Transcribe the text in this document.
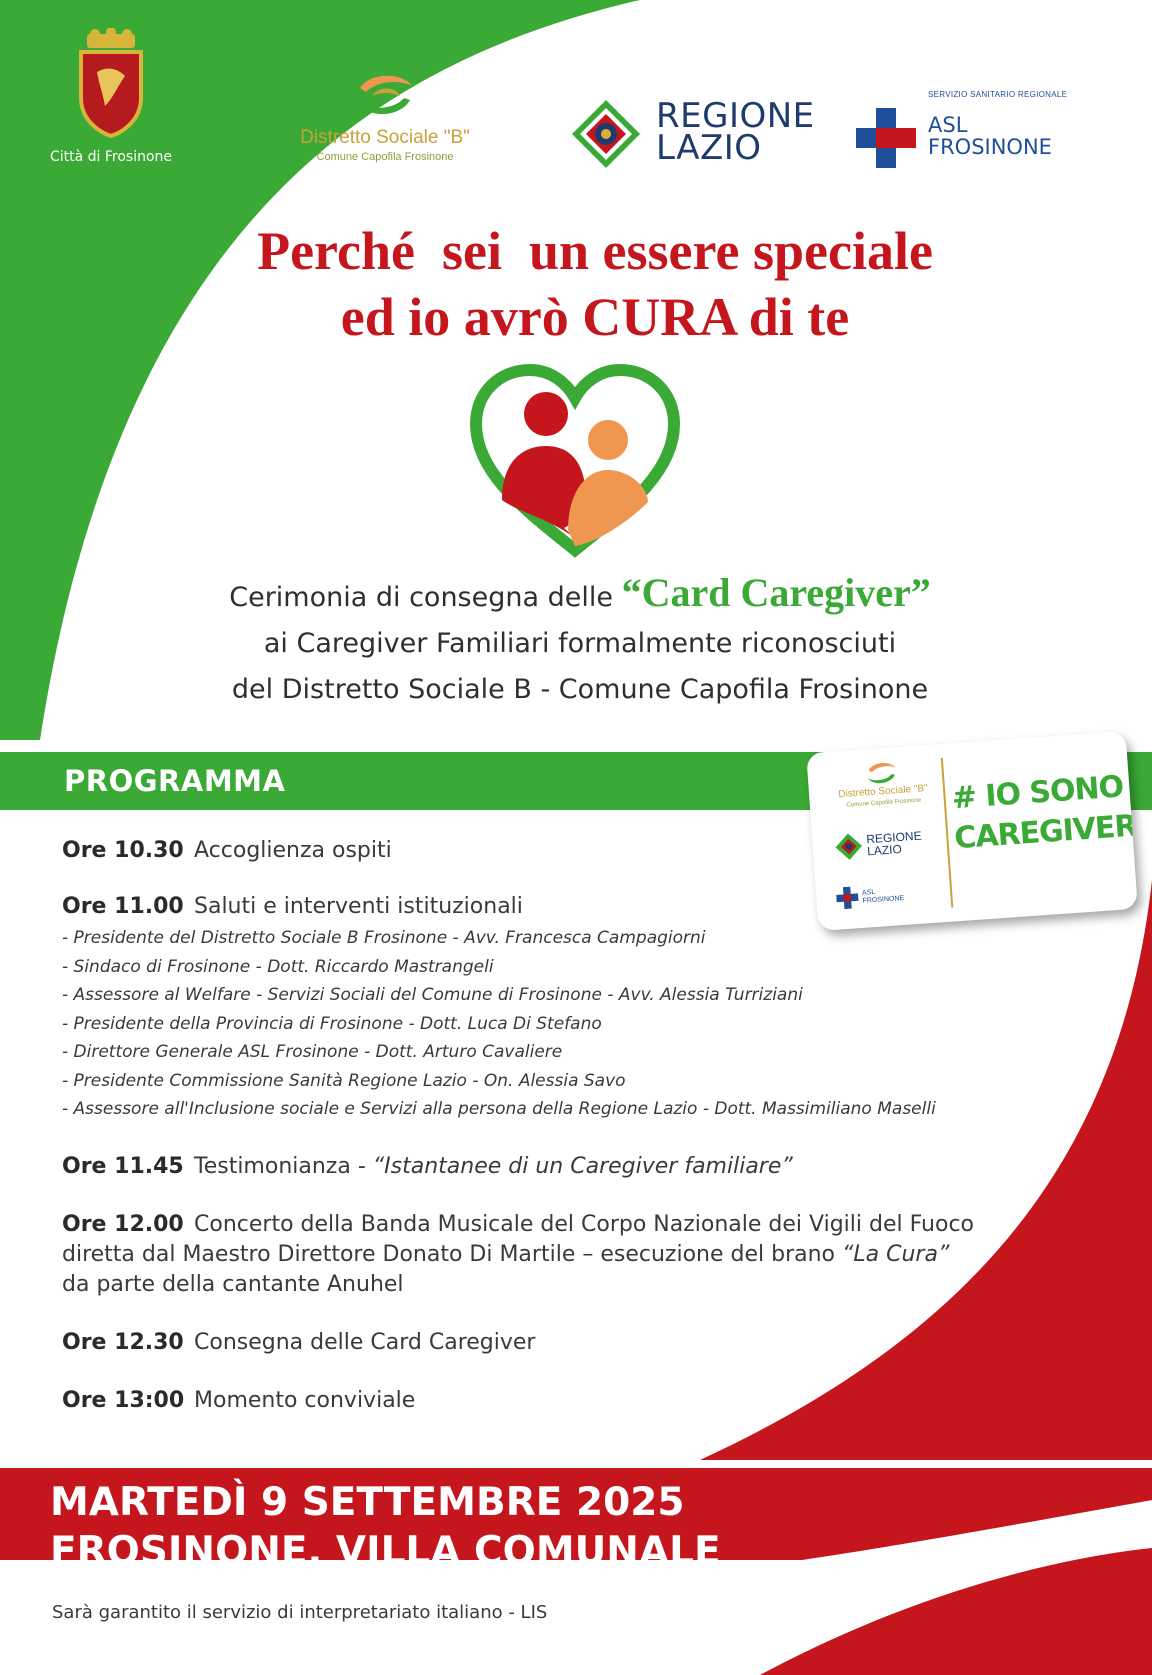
Città di Frosinone
Distretto Sociale "B"
Comune Capofila Frosinone
REGIONE
LAZIO
SERVIZIO SANITARIO REGIONALE
ASL
FROSINONE
Perché  sei  un essere speciale
ed io avrò CURA di te
Cerimonia di consegna delle “Card Caregiver”
ai Caregiver Familiari formalmente riconosciuti
del Distretto Sociale B - Comune Capofila Frosinone
PROGRAMMA	Distretto Sociale "B"
Comune Capofila Frosinone
REGIONE
LAZIO
ASL
FROSINONE
# IO SONO
CAREGIVER
Ore 10.30 Accoglienza ospiti
Ore 11.00 Saluti e interventi istituzionali
- Presidente del Distretto Sociale B Frosinone - Avv. Francesca Campagiorni
- Sindaco di Frosinone - Dott. Riccardo Mastrangeli
- Assessore al Welfare - Servizi Sociali del Comune di Frosinone - Avv. Alessia Turriziani
- Presidente della Provincia di Frosinone - Dott. Luca Di Stefano
- Direttore Generale ASL Frosinone - Dott. Arturo Cavaliere
- Presidente Commissione Sanità Regione Lazio - On. Alessia Savo
- Assessore all'Inclusione sociale e Servizi alla persona della Regione Lazio - Dott. Massimiliano Maselli
Ore 11.45 Testimonianza - “Istantanee di un Caregiver familiare”
Ore 12.00 Concerto della Banda Musicale del Corpo Nazionale dei Vigili del Fuoco
diretta dal Maestro Direttore Donato Di Martile – esecuzione del brano “La Cura”
da parte della cantante Anuhel
Ore 12.30 Consegna delle Card Caregiver
Ore 13:00 Momento conviviale
MARTEDÌ 9 SETTEMBRE 2025
FROSINONE, VILLA COMUNALE
Sarà garantito il servizio di interpretariato italiano - LIS
